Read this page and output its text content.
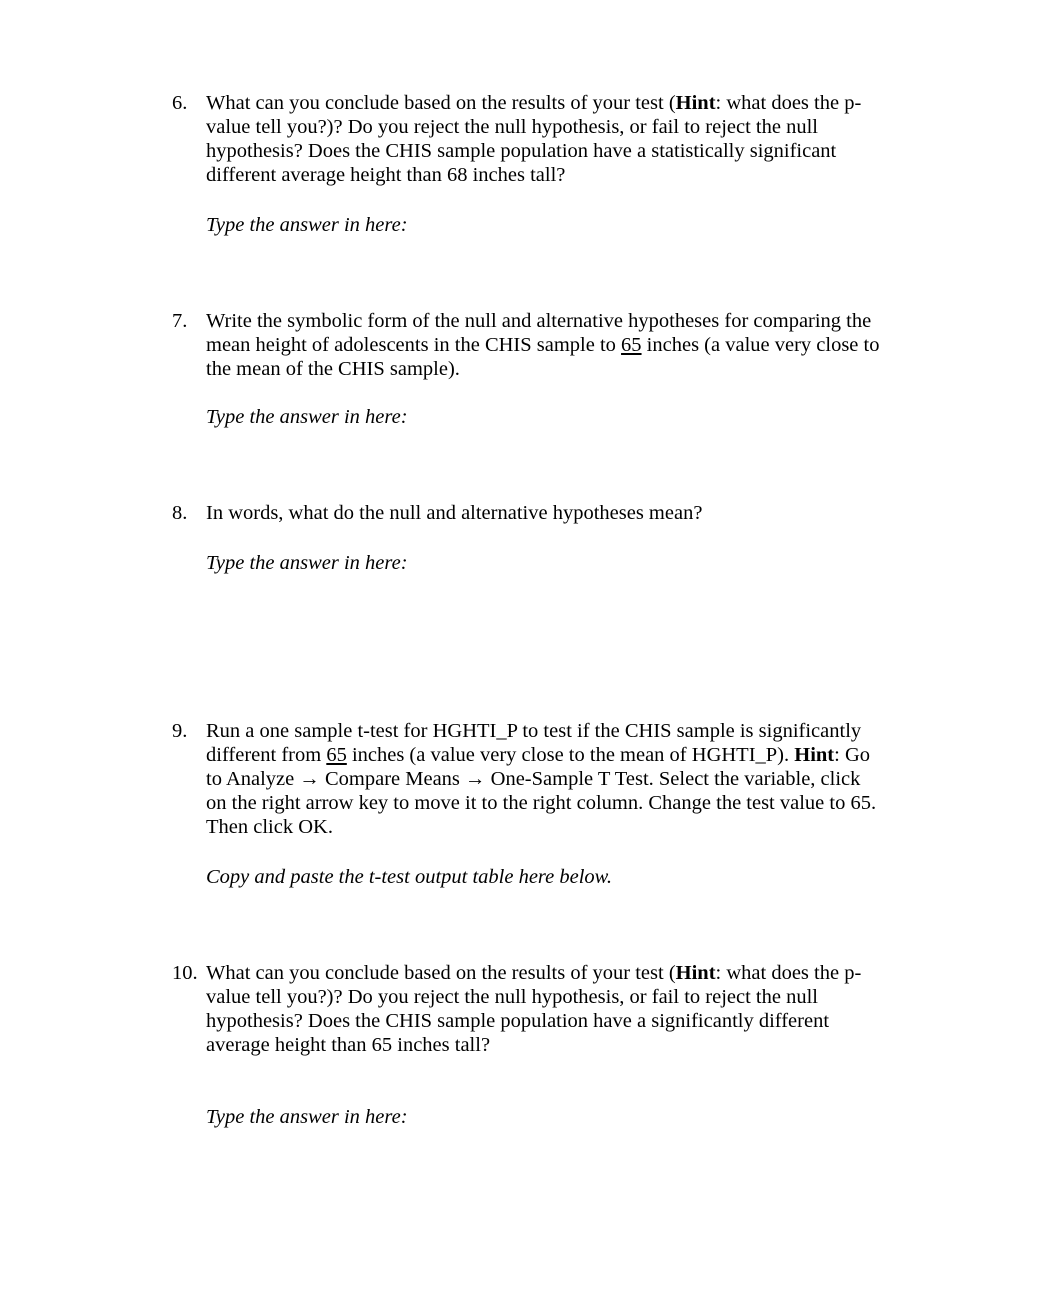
6. What can you conclude based on the results of your test (Hint: what does the p-
value tell you?)? Do you reject the null hypothesis, or fail to reject the null
hypothesis? Does the CHIS sample population have a statistically significant
different average height than 68 inches tall?
Type the answer in here:
7. Write the symbolic form of the null and alternative hypotheses for comparing the
mean height of adolescents in the CHIS sample to 65 inches (a value very close to
the mean of the CHIS sample).
Type the answer in here:
8. In words, what do the null and alternative hypotheses mean?
Type the answer in here:
9. Run a one sample t-test for HGHTI_P to test if the CHIS sample is significantly
different from 65 inches (a value very close to the mean of HGHTI_P). Hint: Go
to Analyze → Compare Means → One-Sample T Test. Select the variable, click
on the right arrow key to move it to the right column. Change the test value to 65.
Then click OK.
Copy and paste the t-test output table here below.
10. What can you conclude based on the results of your test (Hint: what does the p-
value tell you?)? Do you reject the null hypothesis, or fail to reject the null
hypothesis? Does the CHIS sample population have a significantly different
average height than 65 inches tall?
Type the answer in here:
